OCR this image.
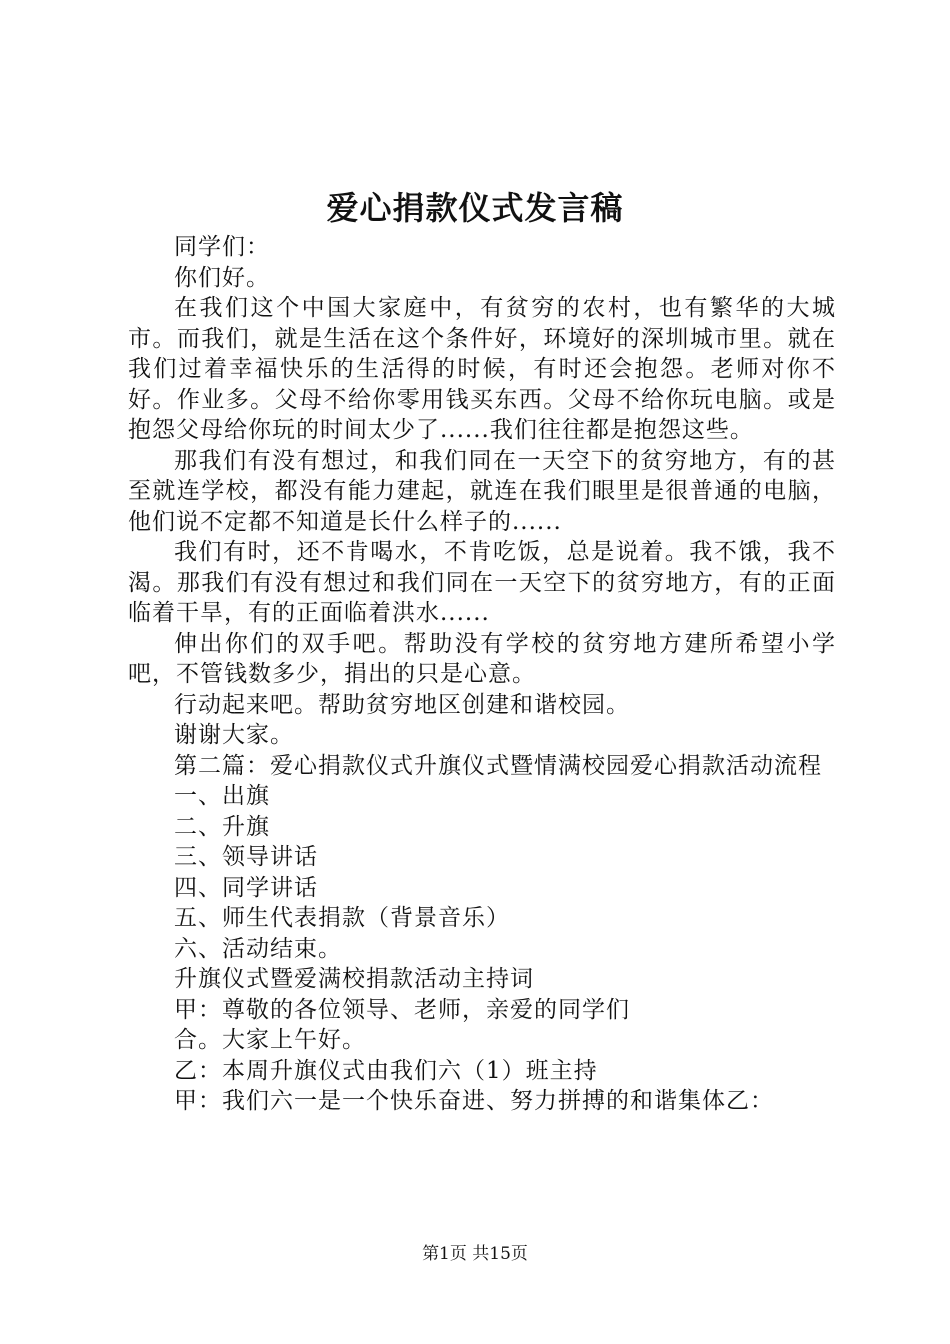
爱心捐款仪式发言稿

同学们：

你们好。

在我们这个中国大家庭中，有贫穷的农村，也有繁华的大城市。而我们，就是生活在这个条件好，环境好的深圳城市里。就在我们过着幸福快乐的生活得的时候，有时还会抱怨。老师对你不好。作业多。父母不给你零用钱买东西。父母不给你玩电脑。或是抱怨父母给你玩的时间太少了......我们往往都是抱怨这些。

那我们有没有想过，和我们同在一天空下的贫穷地方，有的甚至就连学校，都没有能力建起，就连在我们眼里是很普通的电脑，他们说不定都不知道是长什么样子的......

我们有时，还不肯喝水，不肯吃饭，总是说着。我不饿，我不渴。那我们有没有想过和我们同在一天空下的贫穷地方，有的正面临着干旱，有的正面临着洪水......

伸出你们的双手吧。帮助没有学校的贫穷地方建所希望小学吧，不管钱数多少，捐出的只是心意。

行动起来吧。帮助贫穷地区创建和谐校园。

谢谢大家。

第二篇：爱心捐款仪式升旗仪式暨情满校园爱心捐款活动流程

一、出旗

二、升旗

三、领导讲话

四、同学讲话

五、师生代表捐款（背景音乐）

六、活动结束。

升旗仪式暨爱满校捐款活动主持词

甲：尊敬的各位领导、老师，亲爱的同学们

合。大家上午好。

乙：本周升旗仪式由我们六（1）班主持

甲：我们六一是一个快乐奋进、努力拼搏的和谐集体乙：

第1页 共15页
